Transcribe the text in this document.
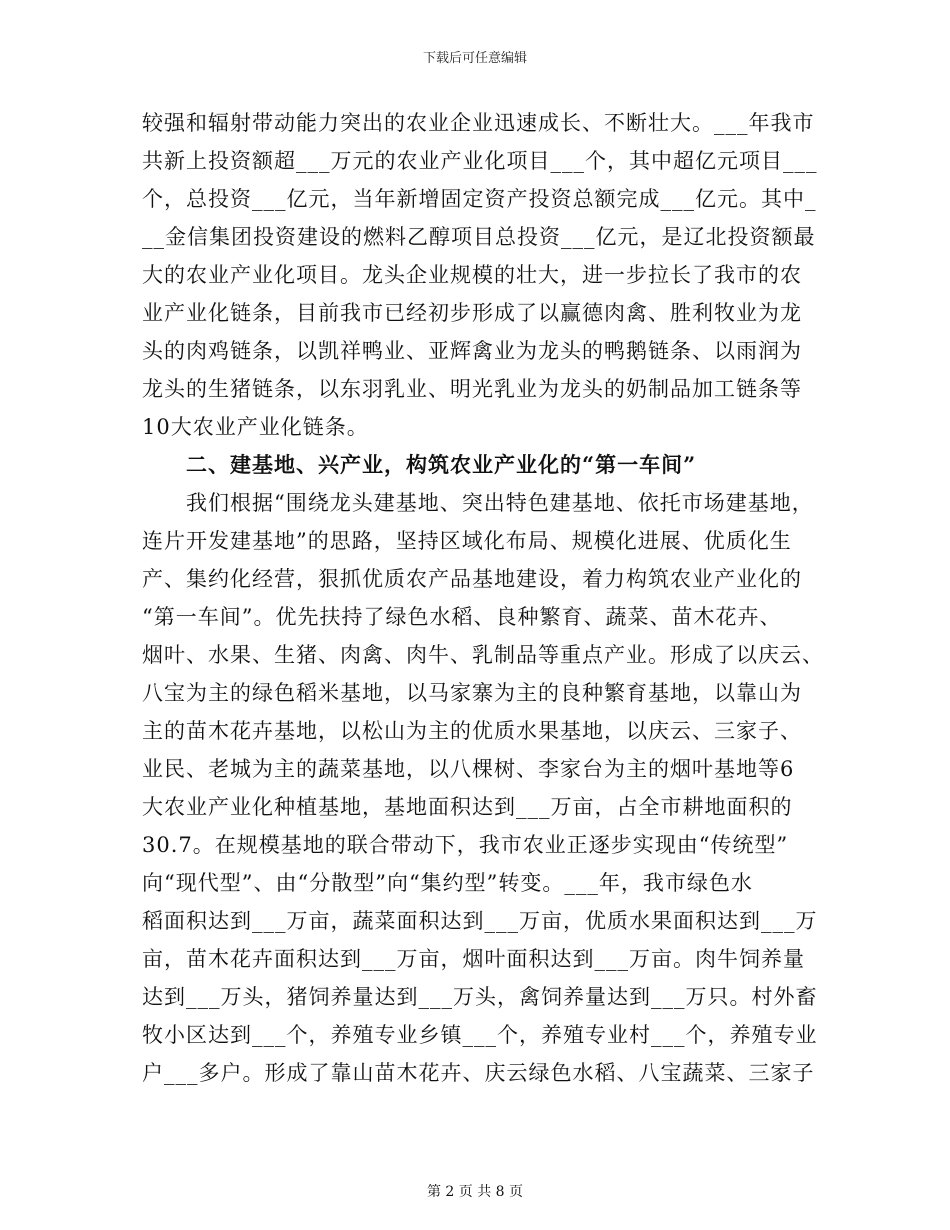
下载后可任意编辑

较强和辐射带动能力突出的农业企业迅速成长、不断壮大。___年我市

共新上投资额超___万元的农业产业化项目___个，其中超亿元项目___

个，总投资___亿元，当年新增固定资产投资总额完成___亿元。其中_

__金信集团投资建设的燃料乙醇项目总投资___亿元，是辽北投资额最

大的农业产业化项目。龙头企业规模的壮大，进一步拉长了我市的农

业产业化链条，目前我市已经初步形成了以赢德肉禽、胜利牧业为龙

头的肉鸡链条，以凯祥鸭业、亚辉禽业为龙头的鸭鹅链条、以雨润为

龙头的生猪链条，以东羽乳业、明光乳业为龙头的奶制品加工链条等

10大农业产业化链条。

二、建基地、兴产业，构筑农业产业化的“第一车间”

我们根据“围绕龙头建基地、突出特色建基地、依托市场建基地，

连片开发建基地”的思路，坚持区域化布局、规模化进展、优质化生

产、集约化经营，狠抓优质农产品基地建设，着力构筑农业产业化的

“第一车间”。优先扶持了绿色水稻、良种繁育、蔬菜、苗木花卉、

烟叶、水果、生猪、肉禽、肉牛、乳制品等重点产业。形成了以庆云、

八宝为主的绿色稻米基地，以马家寨为主的良种繁育基地，以靠山为

主的苗木花卉基地，以松山为主的优质水果基地，以庆云、三家子、

业民、老城为主的蔬菜基地，以八棵树、李家台为主的烟叶基地等6

大农业产业化种植基地，基地面积达到___万亩，占全市耕地面积的

30.7。在规模基地的联合带动下，我市农业正逐步实现由“传统型”

向“现代型”、由“分散型”向“集约型”转变。___年，我市绿色水

稻面积达到___万亩，蔬菜面积达到___万亩，优质水果面积达到___万

亩，苗木花卉面积达到___万亩，烟叶面积达到___万亩。肉牛饲养量

达到___万头，猪饲养量达到___万头，禽饲养量达到___万只。村外畜

牧小区达到___个，养殖专业乡镇___个，养殖专业村___个，养殖专业

户___多户。形成了靠山苗木花卉、庆云绿色水稻、八宝蔬菜、三家子

第 2 页 共 8 页
